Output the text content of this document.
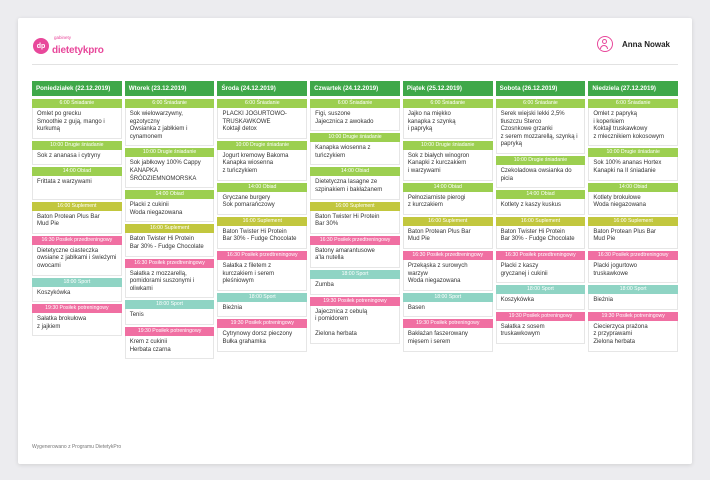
dp
gabinety
dietetykpro
Anna Nowak
Poniedziałek (22.12.2019)
6:00 Śniadanie
Omlet po grecku
Smoothie z gują, mango i kurkumą
10:00 Drugie śniadanie
Sok z ananasa i cytryny
14:00 Obiad
Frittata z warzywami

16:00 Suplement
Baton Protean Plus Bar
Mud Pie
16:30 Posiłek przedtreningowy
Dietetyczne ciasteczka owsiane z jabłkami i świeżymi owocami
18:00 Sport
Koszykówka

19:30 Posiłek potreningowy
Sałatka brokułowa
z jajkiem
Wtorek (23.12.2019)
6:00 Śniadanie
Sok wielowarzywny, egzotyczny
Owsianka z jabłkiem i cynamonem
10:00 Drugie śniadanie
Sok jabłkowy 100% Cappy
KANAPKA ŚRÓDZIEMNOMORSKA
14:00 Obiad
Placki z cukinii
Woda niegazowana
16:00 Suplement
Baton Twister Hi Protein
Bar 30% - Fudge Chocolate
16:30 Posiłek przedtreningowy
Sałatka z mozzarellą, pomidorami suszonymi i oliwkami
18:00 Sport
Tenis

19:30 Posiłek potreningowy
Krem z cukinii
Herbata czarna
Środa (24.12.2019)
6:00 Śniadanie
PLACKI JOGURTOWO-TRUSKAWKOWE
Koktajl detox
10:00 Drugie śniadanie
Jogurt kremowy Bakoma
Kanapka wiosenna
z tuńczykiem
14:00 Obiad
Gryczane burgery
Sok pomarańczowy
16:00 Suplement
Baton Twister Hi Protein
Bar 30% - Fudge Chocolate
16:30 Posiłek przedtreningowy
Sałatka z filetem z kurczakiem i serem pleśniowym
18:00 Sport
Bieżnia

19:30 Posiłek potreningowy
Cytrynowy dorsz pieczony
Bułka grahamka
Czwartek (24.12.2019)
6:00 Śniadanie
Figi, suszone
Jajecznica z awokado
10:00 Drugie śniadanie
Kanapka wiosenna z tuńczykiem
14:00 Obiad
Dietetyczna lasagne ze szpinakiem i bakłażanem
16:00 Suplement
Baton Twister Hi Protein
Bar 30%
16:30 Posiłek przedtreningowy
Batony amarantusowe
a'la nutella
18:00 Sport
Zumba

19:30 Posiłek potreningowy
Jajecznica z cebulą
i pomidorem

Zielona herbata
Piątek (25.12.2019)
6:00 Śniadanie
Jajko na miękko
kanapka z szynką
i papryką
10:00 Drugie śniadanie
Sok z białych winogron
Kanapki z kurczakiem
i warzywami
14:00 Obiad
Pełnoziarniste pierogi
z kurczakiem
16:00 Suplement
Baton Protean Plus Bar
Mud Pie
16:30 Posiłek przedtreningowy
Przekąska z surowych
warzyw
Woda niegazowana
18:00 Sport
Basen

19:30 Posiłek potreningowy
Bakłażan faszerowany
mięsem i serem
Sobota (26.12.2019)
6:00 Śniadanie
Serek wiejski lekki 2,5% tłuszczu Sterco
Czosnkowe grzanki
z serem mozzarellą, szynką i papryką
10:00 Drugie śniadanie
Czekoladowa owsianka do picia
14:00 Obiad
Kotlety z kaszy kuskus

16:00 Suplement
Baton Twister Hi Protein
Bar 30% - Fudge Chocolate
16:30 Posiłek przedtreningowy
Placki z kaszy
gryczanej i cukinii
18:00 Sport
Koszykówka

19:30 Posiłek potreningowy
Sałatka z sosem
truskawkowym
Niedziela (27.12.2019)
6:00 Śniadanie
Omlet z papryką
i koperkiem
Koktajl truskawkowy
z mlecznikiem kokosowym
10:00 Drugie śniadanie
Sok 100% ananas Hortex
Kanapki na II śniadanie
14:00 Obiad
Kotlety brokułowe
Woda niegazowana
16:00 Suplement
Baton Protean Plus Bar
Mud Pie
16:30 Posiłek przedtreningowy
Placki jogurtowo
truskawkowe
18:00 Sport
Bieżnia

19:30 Posiłek potreningowy
Ciecierzyca prażona
z przyprawami
Zielona herbata
Wygenerowano z Programu DietetykPro
